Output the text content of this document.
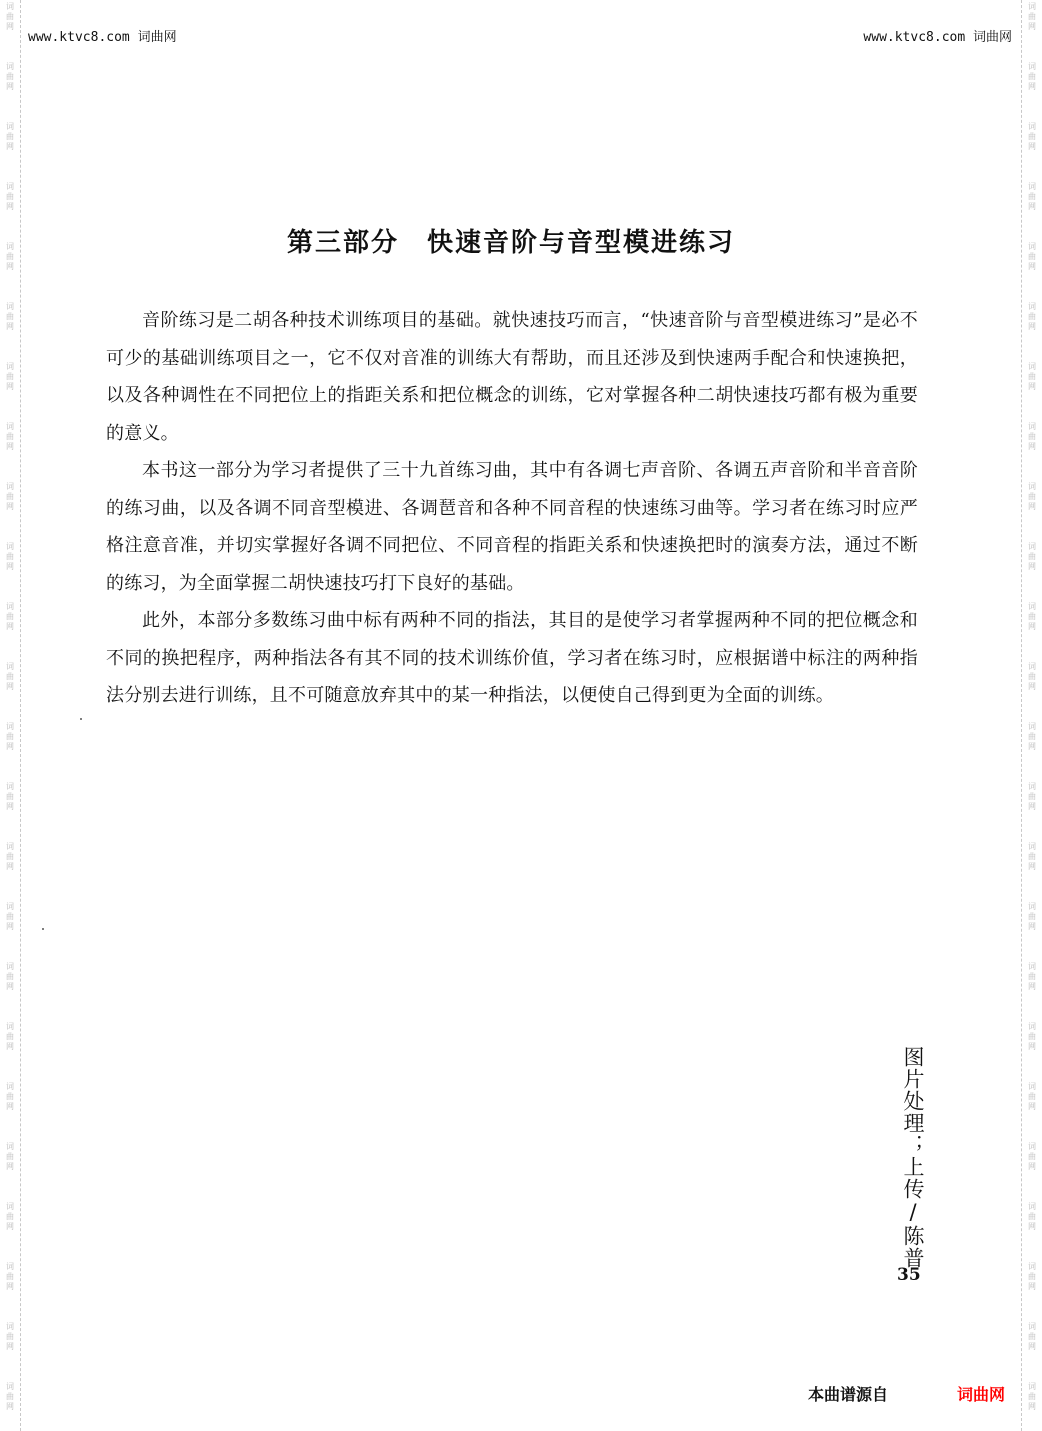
www.ktvc8.com 词曲网	www.ktvc8.com 词曲网
第三部分　快速音阶与音型模进练习

音阶练习是二胡各种技术训练项目的基础。就快速技巧而言，“快速音阶与音型模进练习”是必不可少的基础训练项目之一，它不仅对音准的训练大有帮助，而且还涉及到快速两手配合和快速换把，以及各种调性在不同把位上的指距关系和把位概念的训练，它对掌握各种二胡快速技巧都有极为重要的意义。

本书这一部分为学习者提供了三十九首练习曲，其中有各调七声音阶、各调五声音阶和半音音阶的练习曲，以及各调不同音型模进、各调琶音和各种不同音程的快速练习曲等。学习者在练习时应严格注意音准，并切实掌握好各调不同把位、不同音程的指距关系和快速换把时的演奏方法，通过不断的练习，为全面掌握二胡快速技巧打下良好的基础。

此外，本部分多数练习曲中标有两种不同的指法，其目的是使学习者掌握两种不同的把位概念和不同的换把程序，两种指法各有其不同的技术训练价值，学习者在练习时，应根据谱中标注的两种指法分别去进行训练，且不可随意放弃其中的某一种指法，以便使自己得到更为全面的训练。

图片处理；上传/陈普
35
本曲谱源自	词曲网
词
曲
网
词
曲
网
词
曲
网
词
曲
网
词
曲
网
词
曲
网
词
曲
网
词
曲
网
词
曲
网
词
曲
网
词
曲
网
词
曲
网
词
曲
网
词
曲
网
词
曲
网
词
曲
网
词
曲
网
词
曲
网
词
曲
网
词
曲
网
词
曲
网
词
曲
网
词
曲
网
词
曲
网
词
曲
网
词
曲
网
词
曲
网
词
曲
网
词
曲
网
词
曲
网
词
曲
网
词
曲
网
词
曲
网
词
曲
网
词
曲
网
词
曲
网
词
曲
网
词
曲
网
词
曲
网
词
曲
网
词
曲
网
词
曲
网
词
曲
网
词
曲
网
词
曲
网
词
曲
网
词
曲
网
词
曲
网
